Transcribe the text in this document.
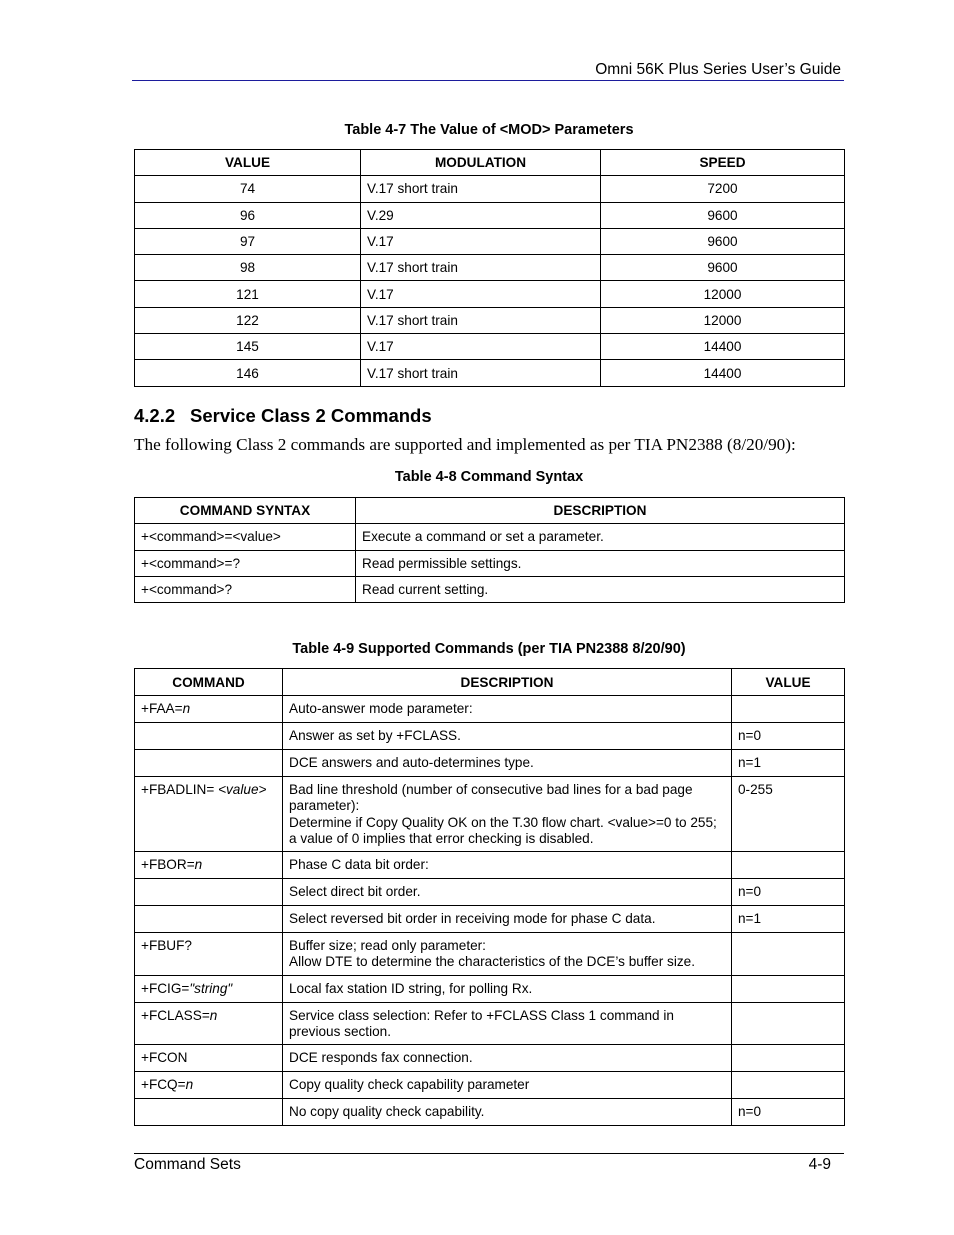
Omni 56K Plus Series User’s Guide
Table 4-7 The Value of <MOD> Parameters
VALUE	MODULATION	SPEED
74	V.17 short train	7200
96	V.29	9600
97	V.17	9600
98	V.17 short train	9600
121	V.17	12000
122	V.17 short train	12000
145	V.17	14400
146	V.17 short train	14400
4.2.2 Service Class 2 Commands
The following Class 2 commands are supported and implemented as per TIA PN2388 (8/20/90):
Table 4-8 Command Syntax
COMMAND SYNTAX	DESCRIPTION
+<command>=<value>	Execute a command or set a parameter.
+<command>=?	Read permissible settings.
+<command>?	Read current setting.
Table 4-9 Supported Commands (per TIA PN2388 8/20/90)
COMMAND	DESCRIPTION	VALUE
+FAA=n	Auto-answer mode parameter:	

	Answer as set by +FCLASS.	n=0

	DCE answers and auto-determines type.	n=1
+FBADLIN= <value>	Bad line threshold (number of consecutive bad lines for a bad page parameter):
Determine if Copy Quality OK on the T.30 flow chart. <value>=0 to 255; a value of 0 implies that error checking is disabled.	0-255
+FBOR=n	Phase C data bit order:	

	Select direct bit order.	n=0

	Select reversed bit order in receiving mode for phase C data.	n=1
+FBUF?	Buffer size; read only parameter:
Allow DTE to determine the characteristics of the DCE’s buffer size.	

+FCIG="string"	Local fax station ID string, for polling Rx.	

+FCLASS=n	Service class selection: Refer to +FCLASS Class 1 command in previous section.	

+FCON	DCE responds fax connection.	

+FCQ=n	Copy quality check capability parameter	

	No copy quality check capability.	n=0
Command Sets	4-9
